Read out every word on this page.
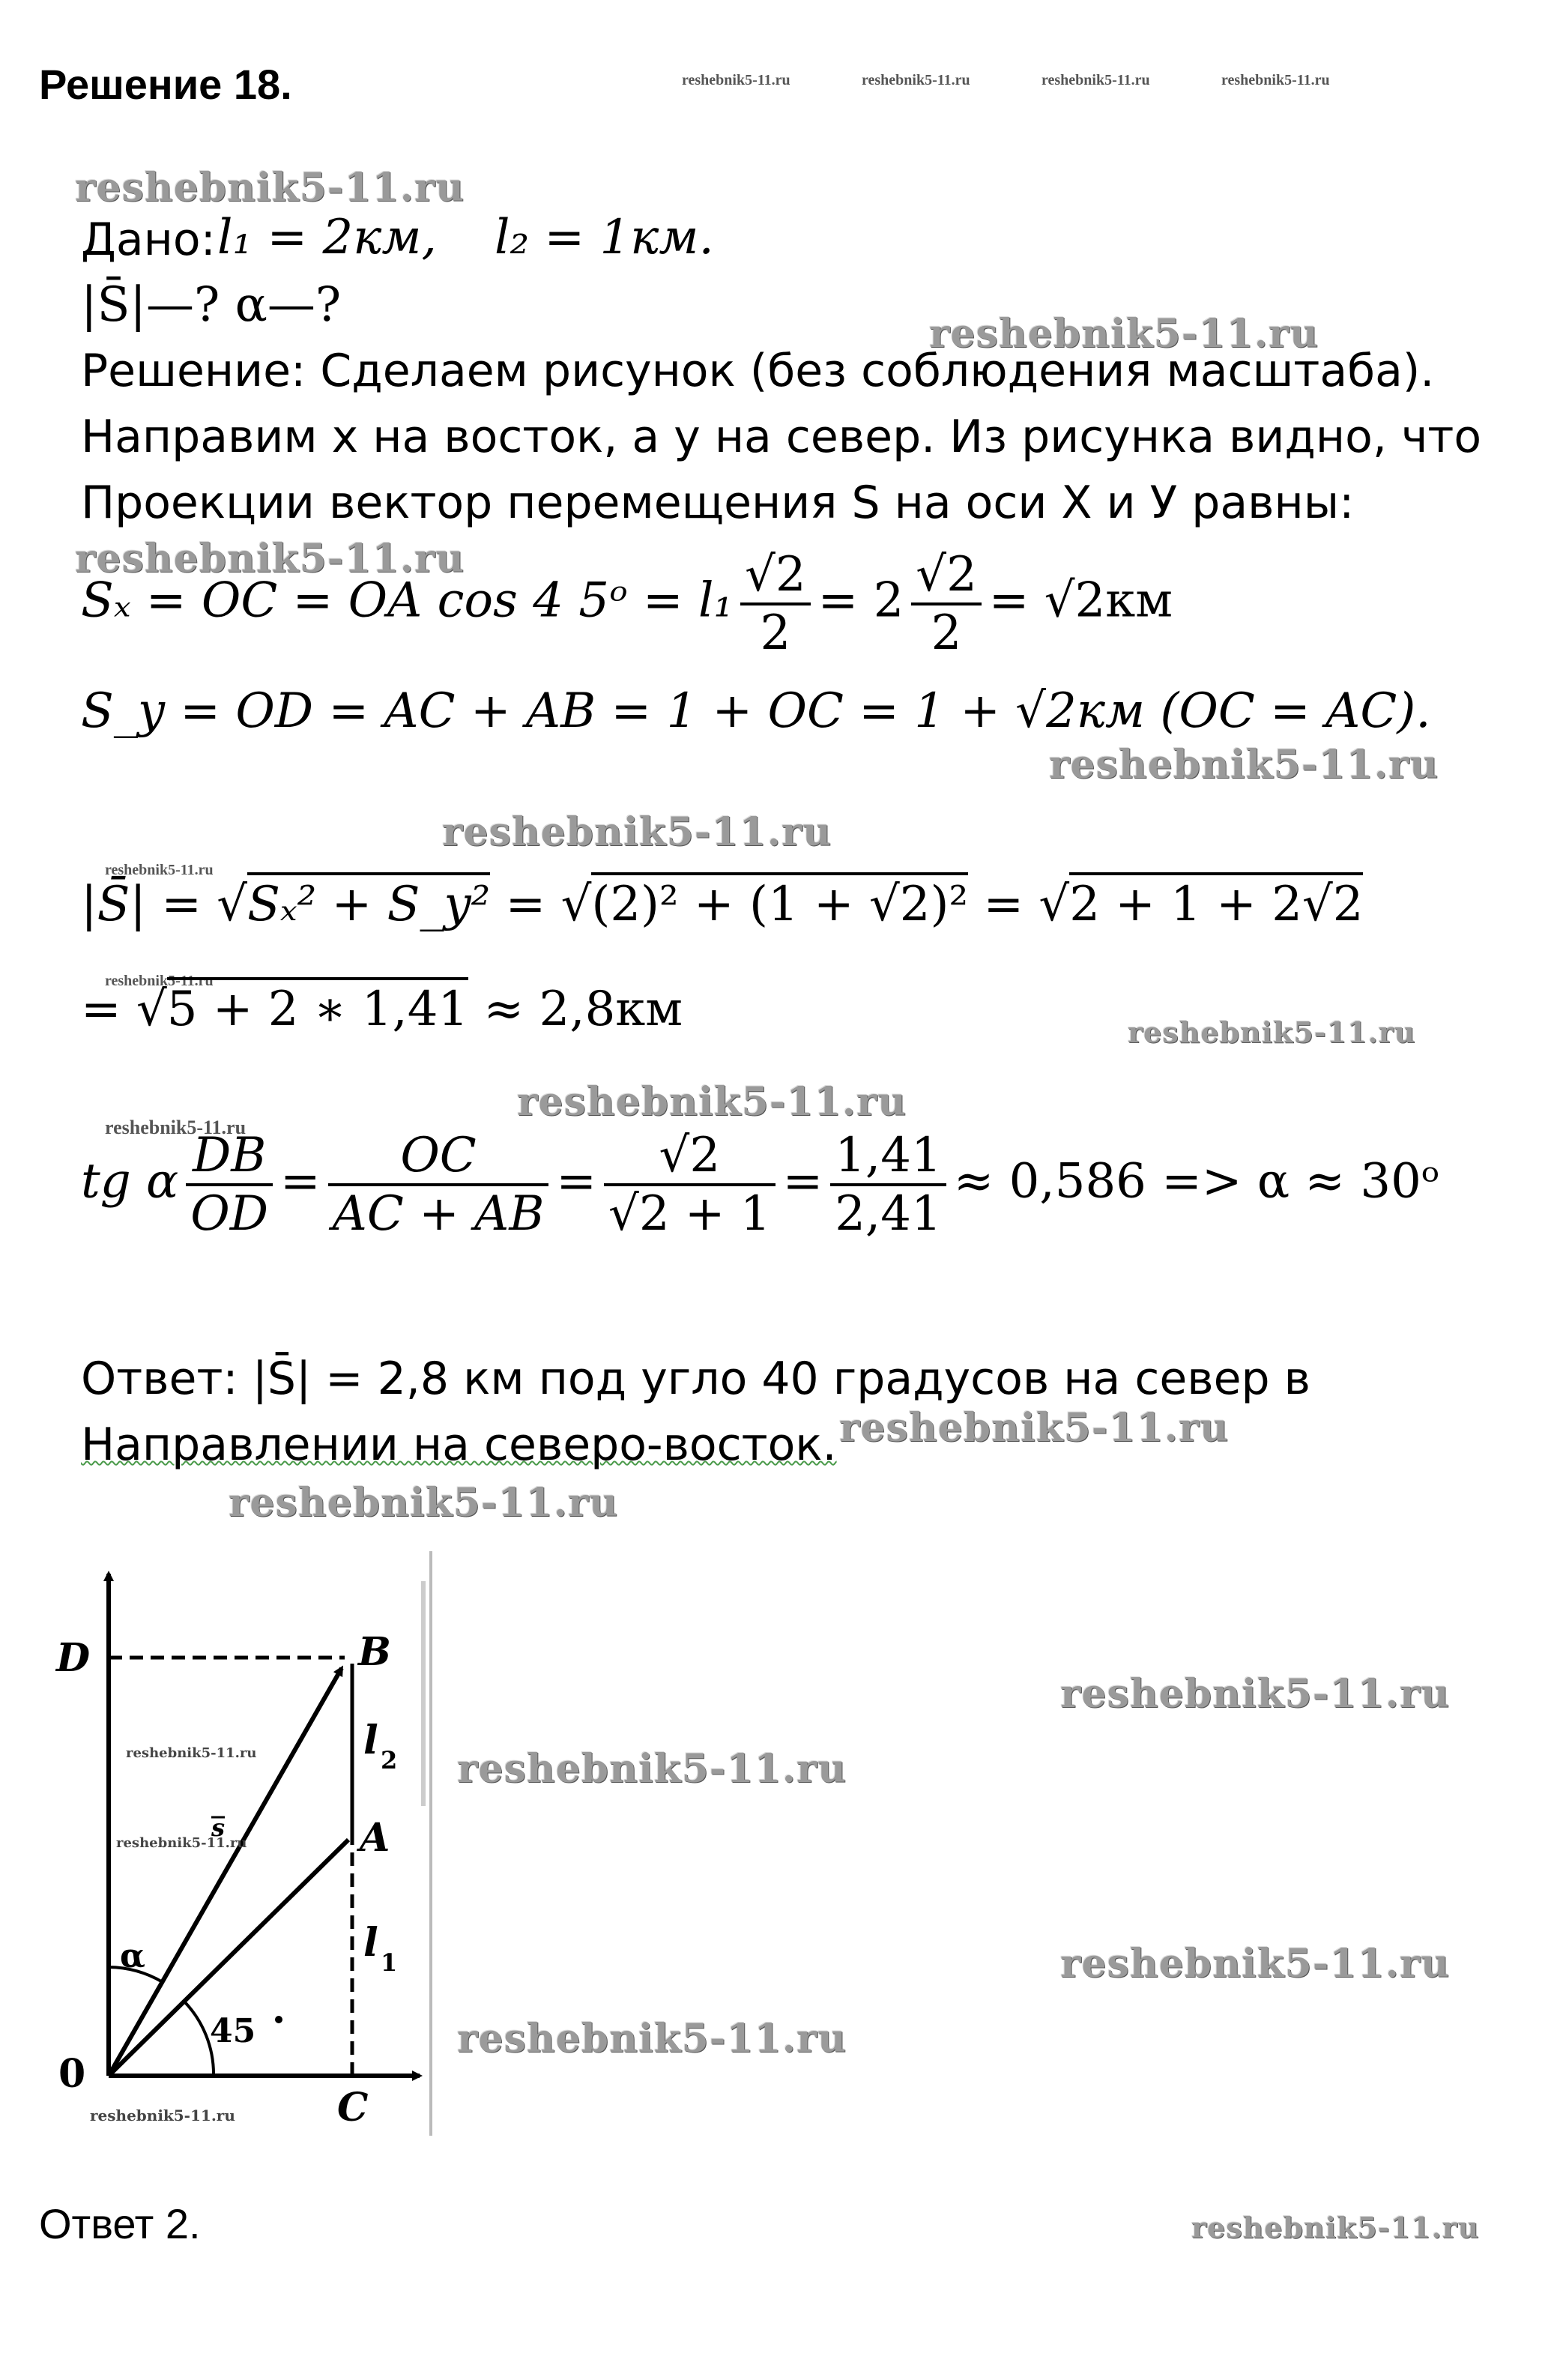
Решение 18.	reshebnik5-11.ru	reshebnik5-11.ru	reshebnik5-11.ru	reshebnik5-11.ru
reshebnik5-11.ru
Дано: l₁ = 2км, l₂ = 1км.
|S̄|—? α—?
reshebnik5-11.ru
Решение: Сделаем рисунок (без соблюдения масштаба).
Направим х на восток, а у на север. Из рисунка видно, что
Проекции вектор перемещения S на оси X и У равны:
reshebnik5-11.ru
Sₓ = OC = OA cos 4 5ᵒ = $l_1 \frac{√2}{2} = 2 \frac{√2}{2} = √2км$
S_y = OD = AC + AB = 1 + OC = 1 + √2км (OC = AC).
reshebnik5-11.ru
reshebnik5-11.ru
reshebnik5-11.ru
|S̄| = √Sₓ² + S_y² = √(2)² + (1 + √2)² = √2 + 1 + 2√2
reshebnik5-11.ru
= √5 + 2 ∗ 1,41 ≈ 2,8км	reshebnik5-11.ru
reshebnik5-11.ru
reshebnik5-11.ru
tg α $\frac{DB}{OD} = \frac{OC}{AC + AB} = \frac{√2}{√2 + 1} = \frac{1,41}{2,41} \approx 0,586 => \alpha$ ≈ 30ᵒ
Ответ: |S̄| = 2,8 км под угло 40 градусов на север в
Направлении на северо-восток. reshebnik5-11.ru
reshebnik5-11.ru
D	B
A
C
0
l 2
l 1
α
45
s
reshebnik5-11.ru
reshebnik5-11.ru
reshebnik5-11.ru
reshebnik5-11.ru
reshebnik5-11.ru
reshebnik5-11.ru
reshebnik5-11.ru
Ответ 2.	reshebnik5-11.ru
